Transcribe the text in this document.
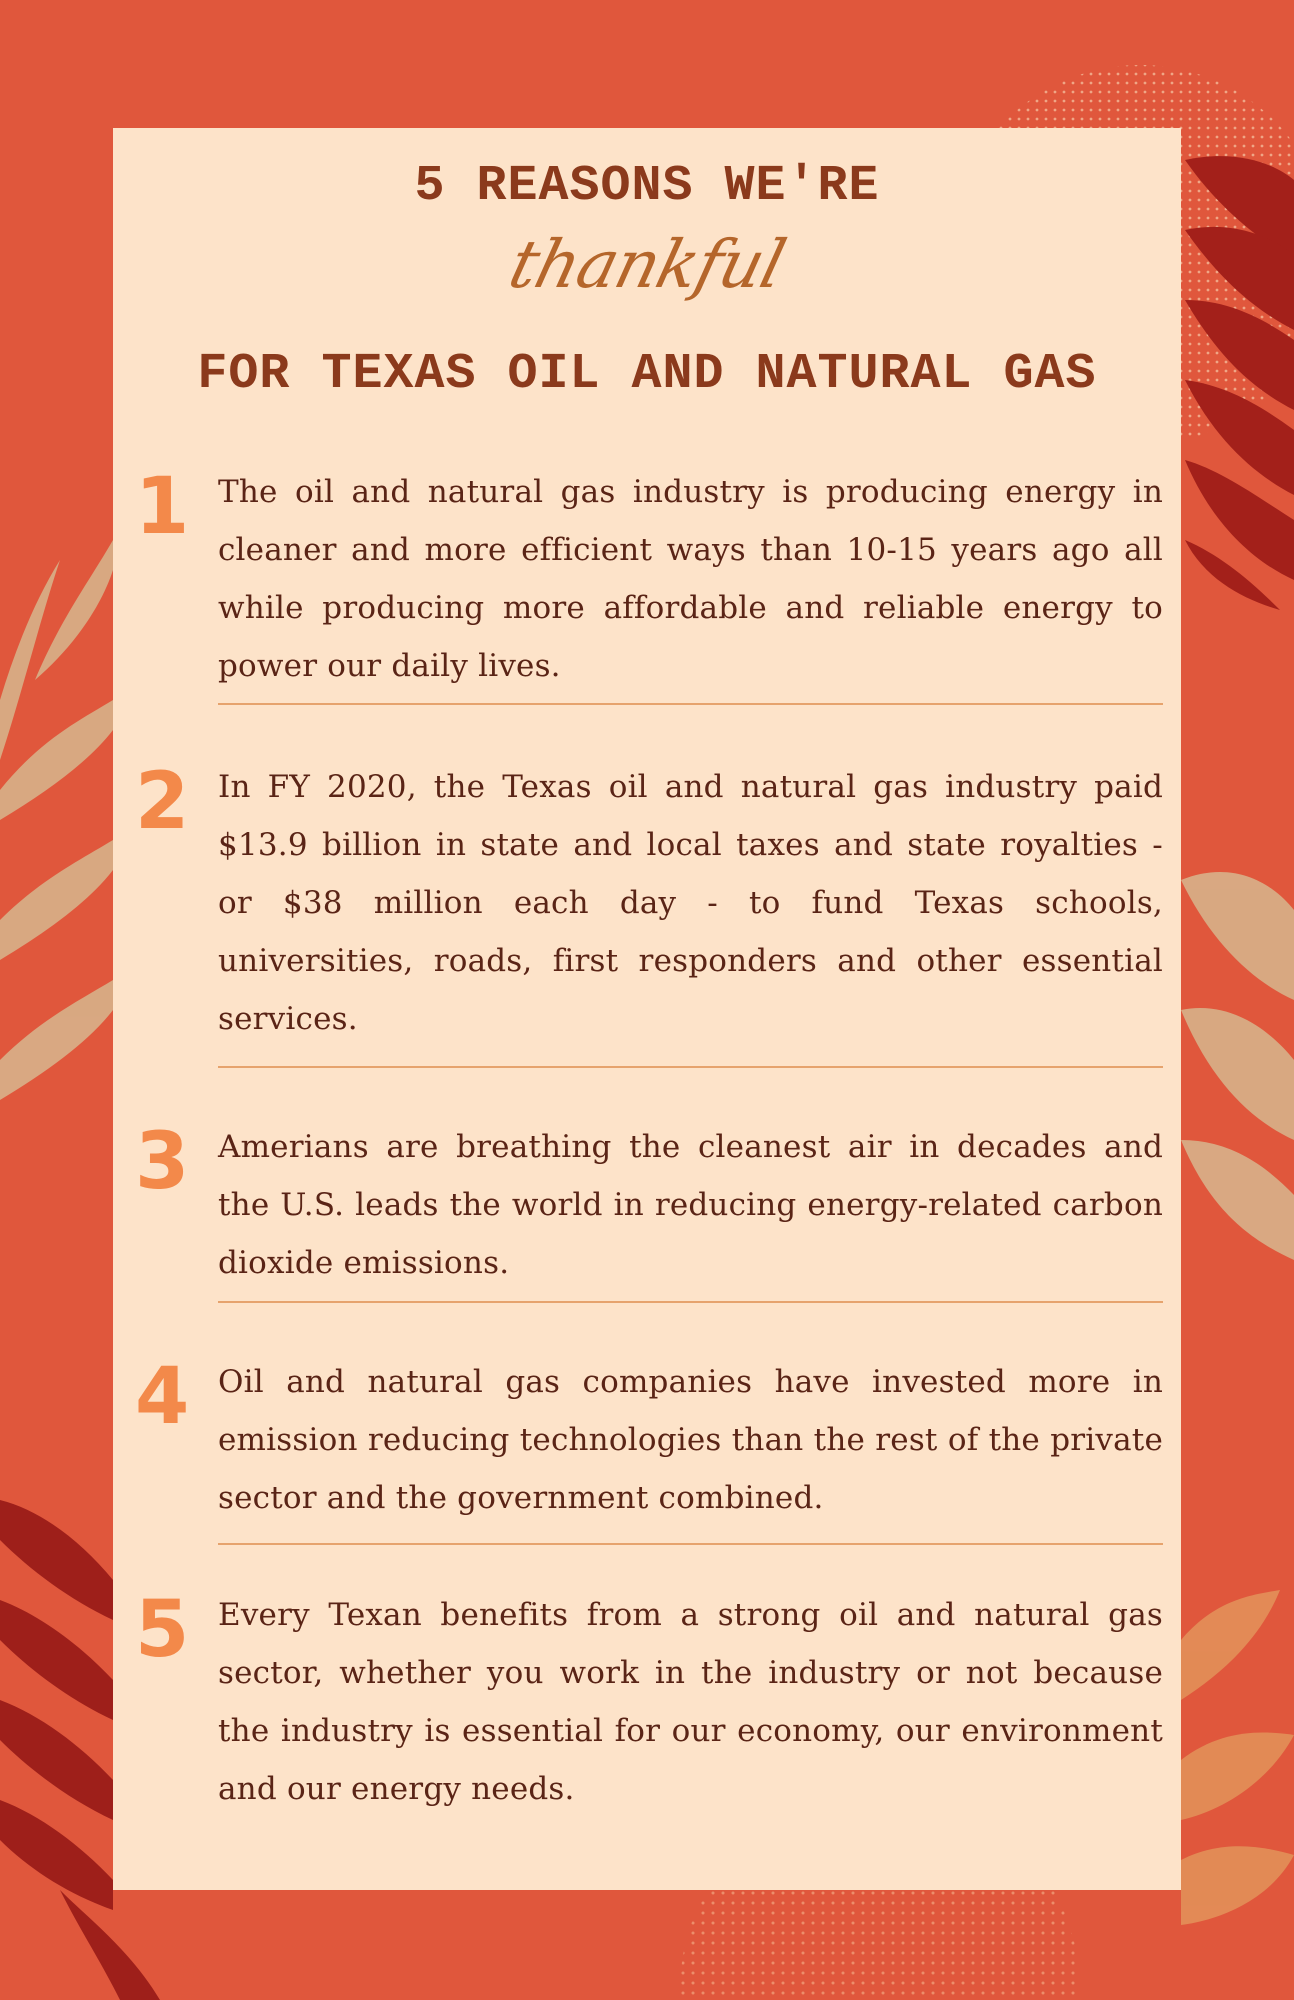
5 REASONS WE'RE
thankful
FOR TEXAS OIL AND NATURAL GAS
1 The oil and natural gas industry is producing energy in cleaner and more efficient ways than 10-15 years ago all while producing more affordable and reliable energy to power our daily lives.
2 In FY 2020, the Texas oil and natural gas industry paid $13.9 billion in state and local taxes and state royalties - or $38 million each day - to fund Texas schools, universities, roads, first responders and other essential services.
3 Amerians are breathing the cleanest air in decades and the U.S. leads the world in reducing energy-related carbon dioxide emissions.
4 Oil and natural gas companies have invested more in emission reducing technologies than the rest of the private sector and the government combined.
5 Every Texan benefits from a strong oil and natural gas sector, whether you work in the industry or not because the industry is essential for our economy, our environment and our energy needs.
